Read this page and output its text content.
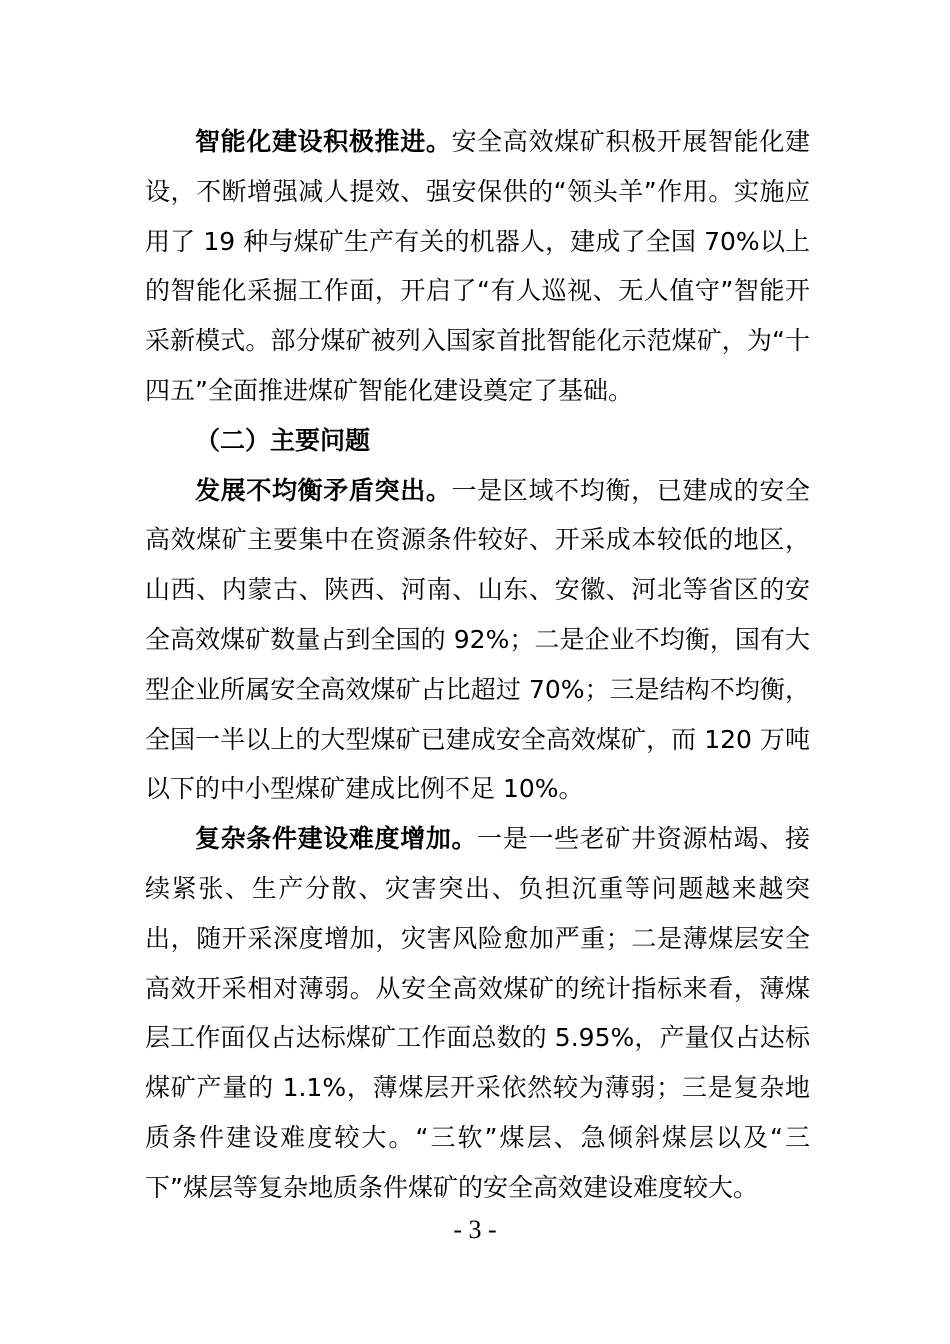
智能化建设积极推进。安全高效煤矿积极开展智能化建设，不断增强减人提效、强安保供的“领头羊”作用。实施应用了 19 种与煤矿生产有关的机器人，建成了全国 70%以上的智能化采掘工作面，开启了“有人巡视、无人值守”智能开采新模式。部分煤矿被列入国家首批智能化示范煤矿，为“十四五”全面推进煤矿智能化建设奠定了基础。

（二）主要问题

发展不均衡矛盾突出。一是区域不均衡，已建成的安全高效煤矿主要集中在资源条件较好、开采成本较低的地区，山西、内蒙古、陕西、河南、山东、安徽、河北等省区的安全高效煤矿数量占到全国的 92%；二是企业不均衡，国有大型企业所属安全高效煤矿占比超过 70%；三是结构不均衡，全国一半以上的大型煤矿已建成安全高效煤矿，而 120 万吨以下的中小型煤矿建成比例不足 10%。

复杂条件建设难度增加。一是一些老矿井资源枯竭、接续紧张、生产分散、灾害突出、负担沉重等问题越来越突出，随开采深度增加，灾害风险愈加严重；二是薄煤层安全高效开采相对薄弱。从安全高效煤矿的统计指标来看，薄煤层工作面仅占达标煤矿工作面总数的 5.95%，产量仅占达标煤矿产量的 1.1%，薄煤层开采依然较为薄弱；三是复杂地质条件建设难度较大。“三软”煤层、急倾斜煤层以及“三下”煤层等复杂地质条件煤矿的安全高效建设难度较大。

- 3 -
